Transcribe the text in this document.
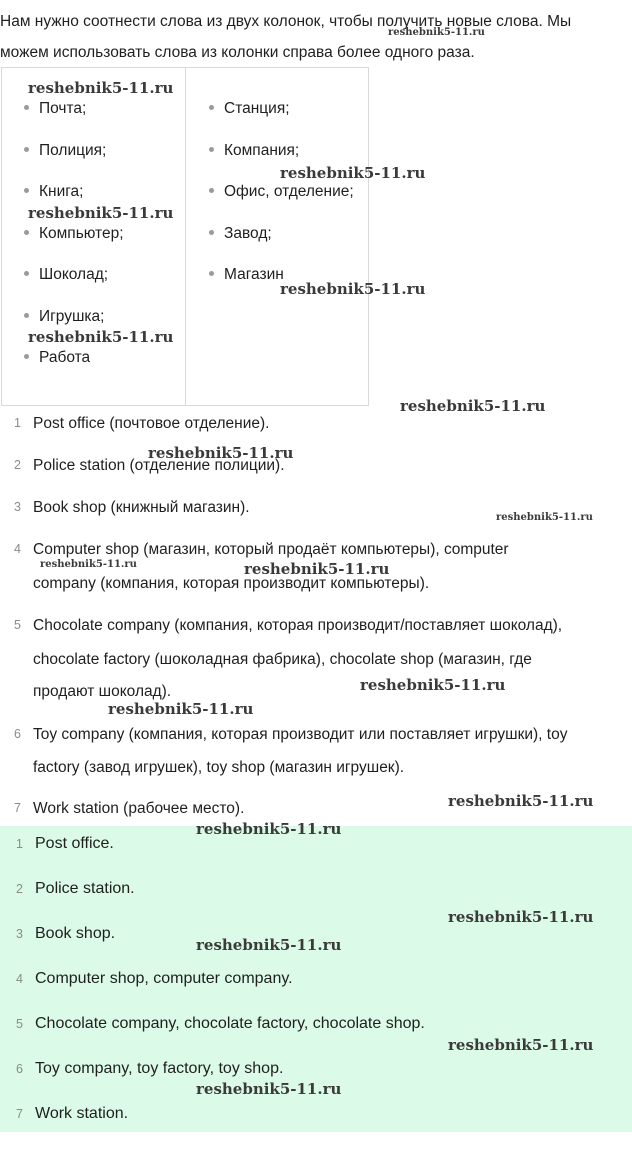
Нам нужно соотнести слова из двух колонок, чтобы получить новые слова. Мы
можем использовать слова из колонки справа более одного раза.
Почта;
Полиция;
Книга;
Компьютер;
Шоколад;
Игрушка;
Работа
Станция;
Компания;
Офис, отделение;
Завод;
Магазин
1 Post office (почтовое отделение).
2 Police station (отделение полиции).
3 Book shop (книжный магазин).
4 Computer shop (магазин, который продаёт компьютеры), computer
company (компания, которая производит компьютеры).
5 Chocolate company (компания, которая производит/поставляет шоколад),
chocolate factory (шоколадная фабрика), chocolate shop (магазин, где
продают шоколад).
6 Toy company (компания, которая производит или поставляет игрушки), toy
factory (завод игрушек), toy shop (магазин игрушек).
7 Work station (рабочее место).
1 Post office.
2 Police station.
3 Book shop.
4 Computer shop, computer company.
5 Chocolate company, chocolate factory, chocolate shop.
6 Toy company, toy factory, toy shop.
7 Work station.
reshebnik5-11.ru
reshebnik5-11.ru
reshebnik5-11.ru
reshebnik5-11.ru
reshebnik5-11.ru
reshebnik5-11.ru
reshebnik5-11.ru
reshebnik5-11.ru
reshebnik5-11.ru
reshebnik5-11.ru	reshebnik5-11.ru
reshebnik5-11.ru
reshebnik5-11.ru
reshebnik5-11.ru
reshebnik5-11.ru
reshebnik5-11.ru
reshebnik5-11.ru
reshebnik5-11.ru
reshebnik5-11.ru
